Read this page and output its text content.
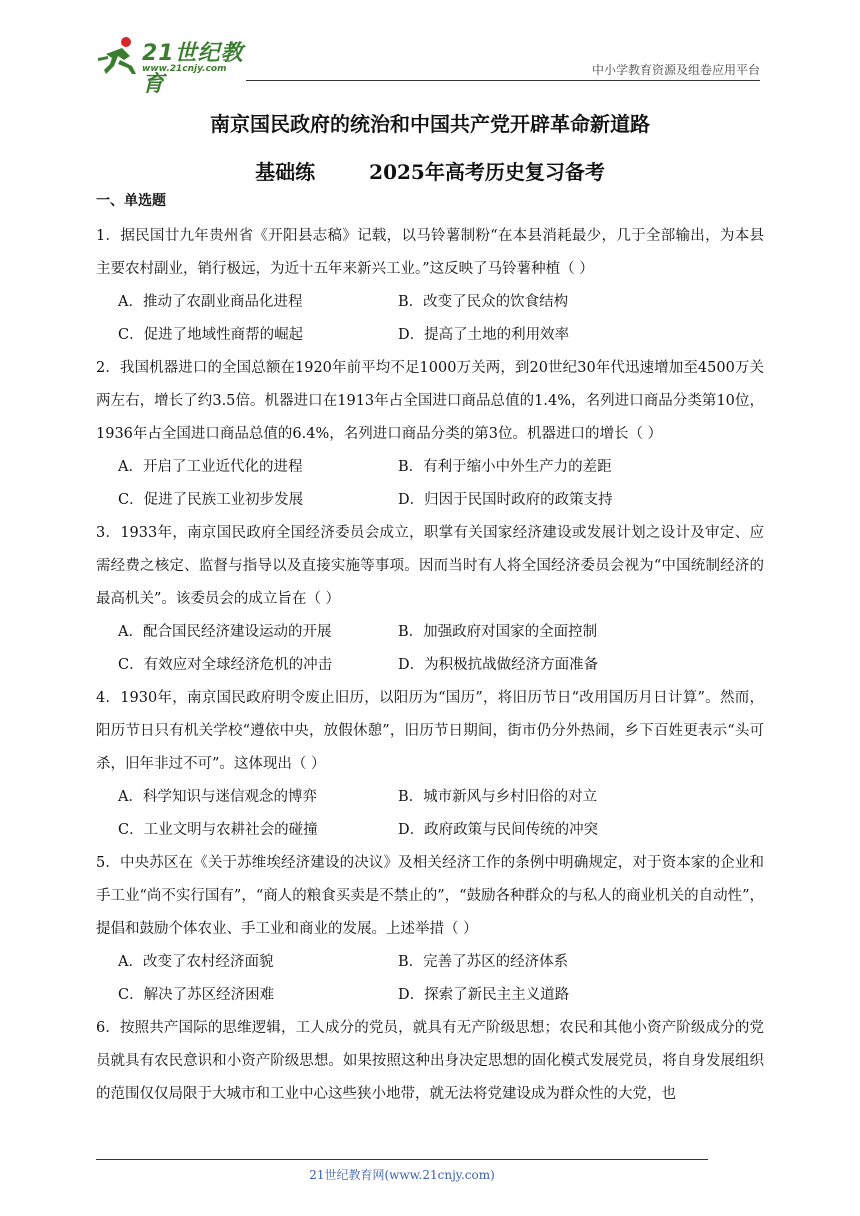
21世纪教育
www.21cnjy.com	中小学教育资源及组卷应用平台
南京国民政府的统治和中国共产党开辟革命新道路
基础练	2025年高考历史复习备考
一、单选题

1．据民国廿九年贵州省《开阳县志稿》记载，以马铃薯制粉“在本县消耗最少，几于全部输出，为本县主要农村副业，销行极远，为近十五年来新兴工业。”这反映了马铃薯种植（ ）

A．推动了农副业商品化进程	B．改变了民众的饮食结构
C．促进了地域性商帮的崛起	D．提高了土地的利用效率

2．我国机器进口的全国总额在1920年前平均不足1000万关两，到20世纪30年代迅速增加至4500万关两左右，增长了约3.5倍。机器进口在1913年占全国进口商品总值的1.4%，名列进口商品分类第10位，1936年占全国进口商品总值的6.4%，名列进口商品分类的第3位。机器进口的增长（ ）

A．开启了工业近代化的进程	B．有利于缩小中外生产力的差距
C．促进了民族工业初步发展	D．归因于民国时政府的政策支持

3．1933年，南京国民政府全国经济委员会成立，职掌有关国家经济建设或发展计划之设计及审定、应需经费之核定、监督与指导以及直接实施等事项。因而当时有人将全国经济委员会视为“中国统制经济的最高机关”。该委员会的成立旨在（ ）

A．配合国民经济建设运动的开展	B．加强政府对国家的全面控制
C．有效应对全球经济危机的冲击	D．为积极抗战做经济方面准备

4．1930年，南京国民政府明令废止旧历，以阳历为“国历”，将旧历节日“改用国历月日计算”。然而，阳历节日只有机关学校“遵依中央，放假休憩”，旧历节日期间，街市仍分外热闹，乡下百姓更表示“头可杀，旧年非过不可”。这体现出（ ）

A．科学知识与迷信观念的博弈	B．城市新风与乡村旧俗的对立
C．工业文明与农耕社会的碰撞	D．政府政策与民间传统的冲突

5．中央苏区在《关于苏维埃经济建设的决议》及相关经济工作的条例中明确规定，对于资本家的企业和手工业“尚不实行国有”，“商人的粮食买卖是不禁止的”，“鼓励各种群众的与私人的商业机关的自动性”，提倡和鼓励个体农业、手工业和商业的发展。上述举措（ ）

A．改变了农村经济面貌	B．完善了苏区的经济体系
C．解决了苏区经济困难	D．探索了新民主主义道路

6．按照共产国际的思维逻辑，工人成分的党员，就具有无产阶级思想；农民和其他小资产阶级成分的党员就具有农民意识和小资产阶级思想。如果按照这种出身决定思想的固化模式发展党员，将自身发展组织的范围仅仅局限于大城市和工业中心这些狭小地带，就无法将党建设成为群众性的大党，也

21世纪教育网(www.21cnjy.com)
